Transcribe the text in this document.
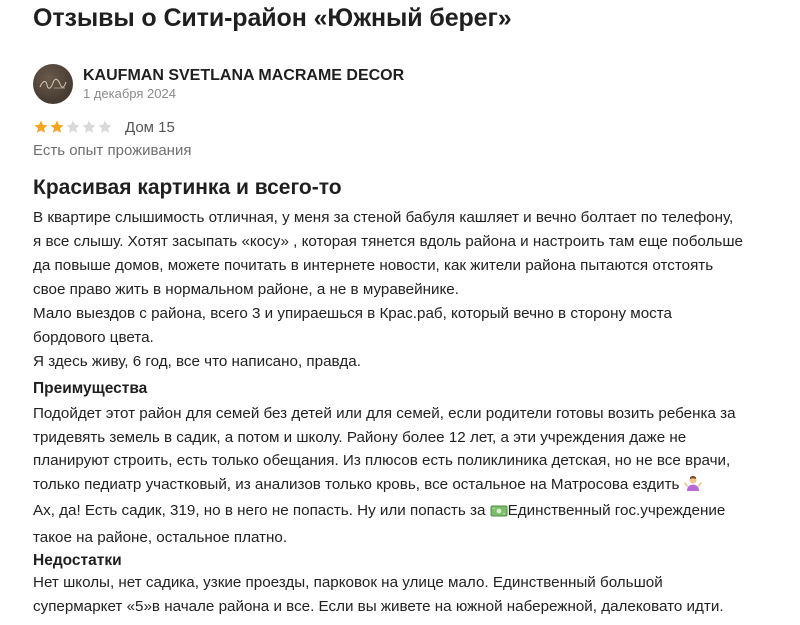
Отзывы о Сити-район «Южный берег»
KAUFMAN SVETLANA MACRAME DECOR
1 декабря 2024
Дом 15
Есть опыт проживания
Красивая картинка и всего-то
В квартире слышимость отличная, у меня за стеной бабуля кашляет и вечно болтает по телефону,
я все слышу. Хотят засыпать «косу» , которая тянется вдоль района и настроить там еще побольше
да повыше домов, можете почитать в интернете новости, как жители района пытаются отстоять
свое право жить в нормальном районе, а не в муравейнике.
Мало выездов с района, всего 3 и упираешься в Крас.раб, который вечно в сторону моста
бордового цвета.
Я здесь живу, 6 год, все что написано, правда.
Преимущества
Подойдет этот район для семей без детей или для семей, если родители готовы возить ребенка за
тридевять земель в садик, а потом и школу. Району более 12 лет, а эти учреждения даже не
планируют строить, есть только обещания. Из плюсов есть поликлиника детская, но не все врачи,
только педиатр участковый, из анализов только кровь, все остальное на Матросова ездить
Ах, да! Есть садик, 319, но в него не попасть. Ну или попасть за Единственный гос.учреждение
такое на районе, остальное платно.
Недостатки
Нет школы, нет садика, узкие проезды, парковок на улице мало. Единственный большой
супермаркет «5»в начале района и все. Если вы живете на южной набережной, далековато идти.
